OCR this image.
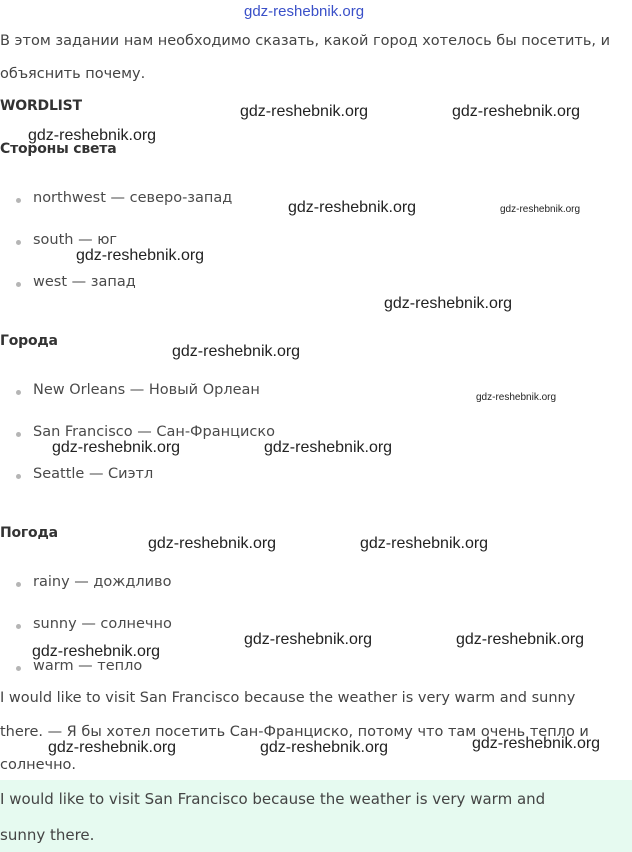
gdz-reshebnik.org
В этом задании нам необходимо сказать, какой город хотелось бы посетить, и
объяснить почему.
WORDLIST
Стороны света
northwest — северо-запад
south — юг
west — запад
Города
New Orleans — Новый Орлеан
San Francisco — Сан-Франциско
Seattle — Сиэтл
Погода
rainy — дождливо
sunny — солнечно
warm — тепло
I would like to visit San Francisco because the weather is very warm and sunny
there. — Я бы хотел посетить Сан-Франциско, потому что там очень тепло и
солнечно.
I would like to visit San Francisco because the weather is very warm and
sunny there.
gdz-reshebnik.org	gdz-reshebnik.org
gdz-reshebnik.org
gdz-reshebnik.org	gdz-reshebnik.org
gdz-reshebnik.org
gdz-reshebnik.org
gdz-reshebnik.org
gdz-reshebnik.org
gdz-reshebnik.org	gdz-reshebnik.org
gdz-reshebnik.org	gdz-reshebnik.org
gdz-reshebnik.org	gdz-reshebnik.org
gdz-reshebnik.org
gdz-reshebnik.org	gdz-reshebnik.org	gdz-reshebnik.org
